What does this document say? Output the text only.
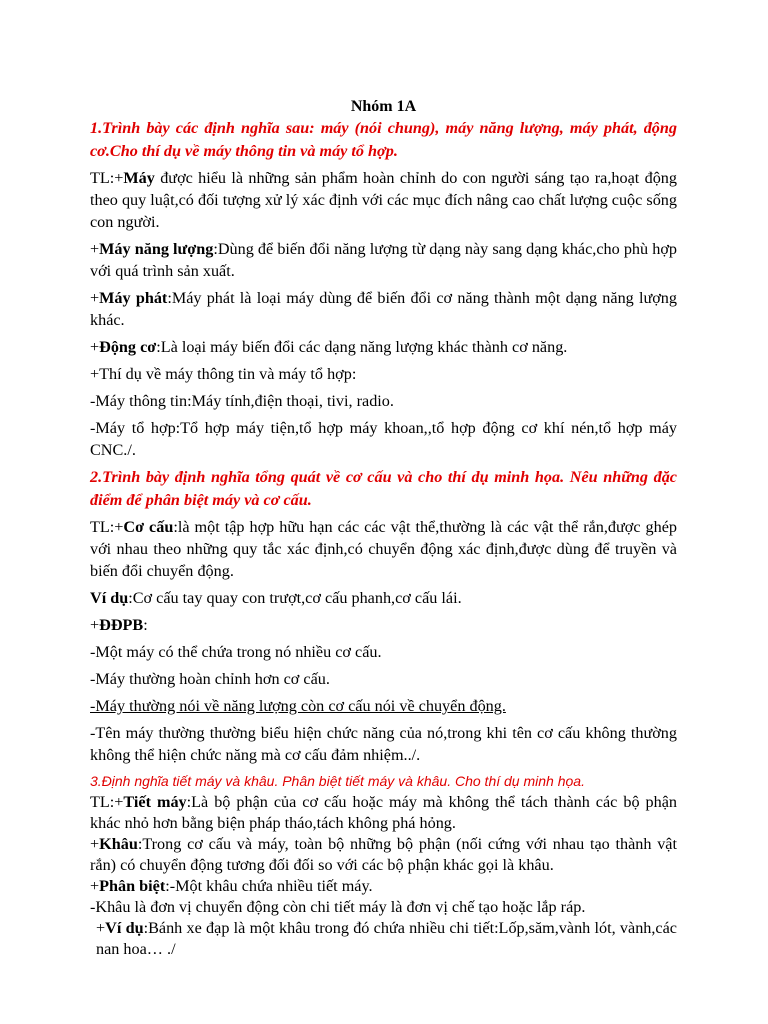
Nhóm 1A
1.Trình bày các định nghĩa sau: máy (nói chung), máy năng lượng, máy phát, động cơ.Cho thí dụ về máy thông tin và máy tổ hợp.
TL:+Máy được hiểu là những sản phẩm hoàn chỉnh do con người sáng tạo ra,hoạt động theo quy luật,có đối tượng xử lý xác định với các mục đích nâng cao chất lượng cuộc sống con người.
+Máy năng lượng:Dùng để biến đổi năng lượng từ dạng này sang dạng khác,cho phù hợp với quá trình sản xuất.
+Máy phát:Máy phát là loại máy dùng để biến đổi cơ năng thành một dạng năng lượng khác.
+Động cơ:Là loại máy biến đổi các dạng năng lượng khác thành cơ năng.
+Thí dụ về máy thông tin và máy tổ hợp:
-Máy thông tin:Máy tính,điện thoại, tivi, radio.
-Máy tổ hợp:Tổ hợp máy tiện,tổ hợp máy khoan,,tổ hợp động cơ khí nén,tổ hợp máy CNC./.
2.Trình bày định nghĩa tổng quát về cơ cấu và cho thí dụ minh họa. Nêu những đặc điểm để phân biệt máy và cơ cấu.
TL:+Cơ cấu:là một tập hợp hữu hạn các các vật thể,thường là các vật thể rắn,được ghép với nhau theo những quy tắc xác định,có chuyển động xác định,được dùng để truyền và biến đổi chuyển động.
Ví dụ:Cơ cấu tay quay con trượt,cơ cấu phanh,cơ cấu lái.
+ĐĐPB:
-Một máy có thể chứa trong nó nhiều cơ cấu.
-Máy thường hoàn chỉnh hơn cơ cấu.
-Máy thường nói về năng lượng còn cơ cấu nói về chuyển động.
-Tên máy thường thường biểu hiện chức năng của nó,trong khi tên cơ cấu không thường không thể hiện chức năng mà cơ cấu đảm nhiệm../.
3.Định nghĩa tiết máy và khâu. Phân biệt tiết máy và khâu. Cho thí dụ minh họa.
TL:+Tiết máy:Là bộ phận của cơ cấu hoặc máy mà không thể tách thành các bộ phận khác nhỏ hơn bằng biện pháp tháo,tách không phá hỏng.
+Khâu:Trong cơ cấu và máy, toàn bộ những bộ phận (nối cứng với nhau tạo thành vật rắn) có chuyển động tương đối đối so với các bộ phận khác gọi là khâu.
+Phân biệt:-Một khâu chứa nhiều tiết máy.
-Khâu là đơn vị chuyển động còn chi tiết máy là đơn vị chế tạo hoặc lắp ráp.
+Ví dụ:Bánh xe đạp là một khâu trong đó chứa nhiều chi tiết:Lốp,săm,vành lót, vành,các nan hoa… ./
